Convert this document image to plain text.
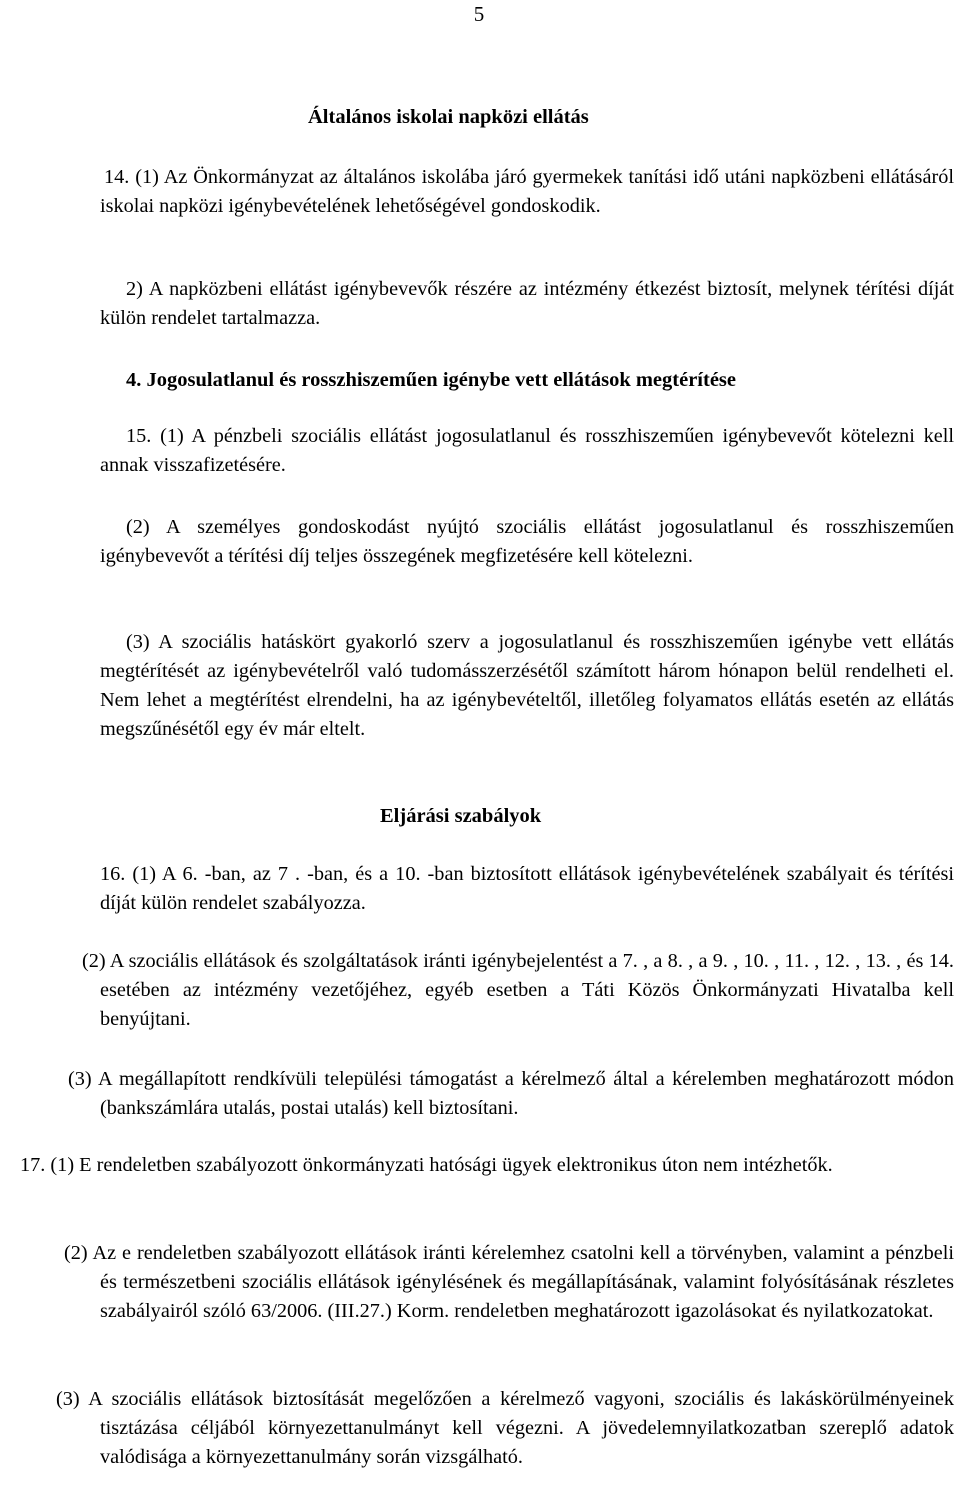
5
Általános iskolai napközi ellátás

14. (1) Az Önkormányzat az általános iskolába járó gyermekek tanítási idő utáni napközbeni ellátásáról iskolai napközi igénybevételének lehetőségével gondoskodik.

2) A napközbeni ellátást igénybevevők részére az intézmény étkezést biztosít, melynek térítési díját külön rendelet tartalmazza.

4. Jogosulatlanul és rosszhiszeműen igénybe vett ellátások megtérítése

15. (1) A pénzbeli szociális ellátást jogosulatlanul és rosszhiszeműen igénybevevőt kötelezni kell annak visszafizetésére.

(2) A személyes gondoskodást nyújtó szociális ellátást jogosulatlanul és rosszhiszeműen igénybevevőt a térítési díj teljes összegének megfizetésére kell kötelezni.

(3) A szociális hatáskört gyakorló szerv a jogosulatlanul és rosszhiszeműen igénybe vett ellátás megtérítését az igénybevételről való tudomásszerzésétől számított három hónapon belül rendelheti el. Nem lehet a megtérítést elrendelni, ha az igénybevételtől, illetőleg folyamatos ellátás esetén az ellátás megszűnésétől egy év már eltelt.

Eljárási szabályok

16. (1) A 6. -ban, az 7 . -ban, és a 10. -ban biztosított ellátások igénybevételének szabályait és térítési díját külön rendelet szabályozza.

(2) A szociális ellátások és szolgáltatások iránti igénybejelentést a 7. , a 8. , a 9. , 10. , 11. , 12. , 13. , és 14. esetében az intézmény vezetőjéhez, egyéb esetben a Táti Közös Önkormányzati Hivatalba kell benyújtani.

(3) A megállapított rendkívüli települési támogatást a kérelmező által a kérelemben meghatározott módon (bankszámlára utalás, postai utalás) kell biztosítani.

17. (1) E rendeletben szabályozott önkormányzati hatósági ügyek elektronikus úton nem intézhetők.

(2) Az e rendeletben szabályozott ellátások iránti kérelemhez csatolni kell a törvényben, valamint a pénzbeli és természetbeni szociális ellátások igénylésének és megállapításának, valamint folyósításának részletes szabályairól szóló 63/2006. (III.27.) Korm. rendeletben meghatározott igazolásokat és nyilatkozatokat.

(3) A szociális ellátások biztosítását megelőzően a kérelmező vagyoni, szociális és lakáskörülményeinek tisztázása céljából környezettanulmányt kell végezni. A jövedelemnyilatkozatban szereplő adatok valódisága a környezettanulmány során vizsgálható.
